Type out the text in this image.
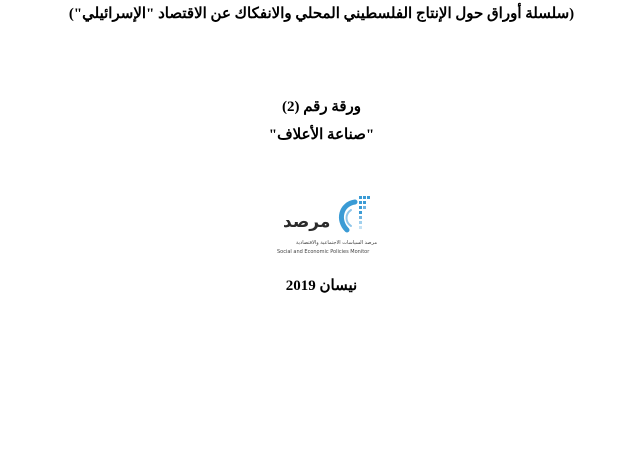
(سلسلة أوراق حول الإنتاج الفلسطيني المحلي والانفكاك عن الاقتصاد "الإسرائيلي")
ورقة رقم (2)
"صناعة الأعلاف"
مرصد
مرصد السياسات الاجتماعية والاقتصادية
Social and Economic Policies Monitor
نيسان 2019
